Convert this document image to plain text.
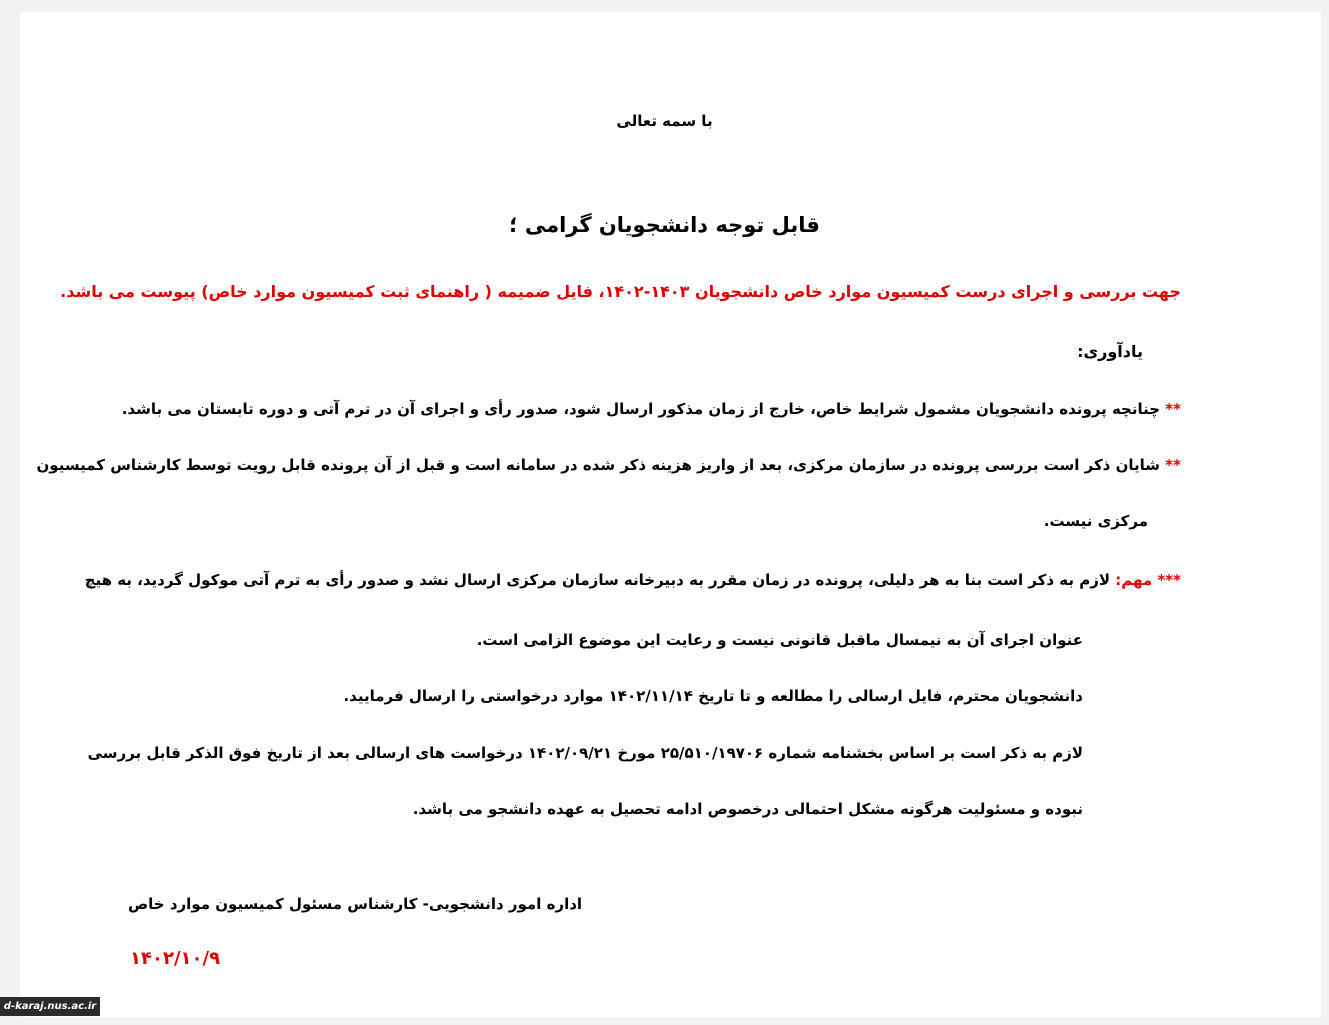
با سمه تعالی
قابل توجه دانشجویان گرامی ؛
جهت بررسی و اجرای درست کمیسیون موارد خاص دانشجویان ۱۴۰۳-۱۴۰۲، فایل ضمیمه ( راهنمای ثبت کمیسیون موارد خاص) پیوست می باشد.
یادآوری:
** چنانچه پرونده دانشجویان مشمول شرایط خاص، خارج از زمان مذکور ارسال شود، صدور رأی و اجرای آن در ترم آتی و دوره تابستان می باشد.
** شایان ذکر است بررسی پرونده در سازمان مرکزی، بعد از واریز هزینه ذکر شده در سامانه است و قبل از آن پرونده قابل رویت توسط کارشناس کمیسیون
مرکزی نیست.
*** مهم: لازم به ذکر است بنا به هر دلیلی، پرونده در زمان مقرر به دبیرخانه سازمان مرکزی ارسال نشد و صدور رأی به ترم آتی موکول گردید، به هیچ
عنوان اجرای آن به نیمسال ماقبل قانونی نیست و رعایت این موضوع الزامی است.
دانشجویان محترم، فایل ارسالی را مطالعه و تا تاریخ ۱۴۰۲/۱۱/۱۴ موارد درخواستی را ارسال فرمایید.
لازم به ذکر است بر اساس بخشنامه شماره ۲۵/۵۱۰/۱۹۷۰۶ مورخ ۱۴۰۲/۰۹/۲۱ درخواست های ارسالی بعد از تاریخ فوق الذکر قابل بررسی
نبوده و مسئولیت هرگونه مشکل احتمالی درخصوص ادامه تحصیل به عهده دانشجو می باشد.
اداره امور دانشجویی- کارشناس مسئول کمیسیون موارد خاص
۱۴۰۲/۱۰/۹
d-karaj.nus.ac.ir
